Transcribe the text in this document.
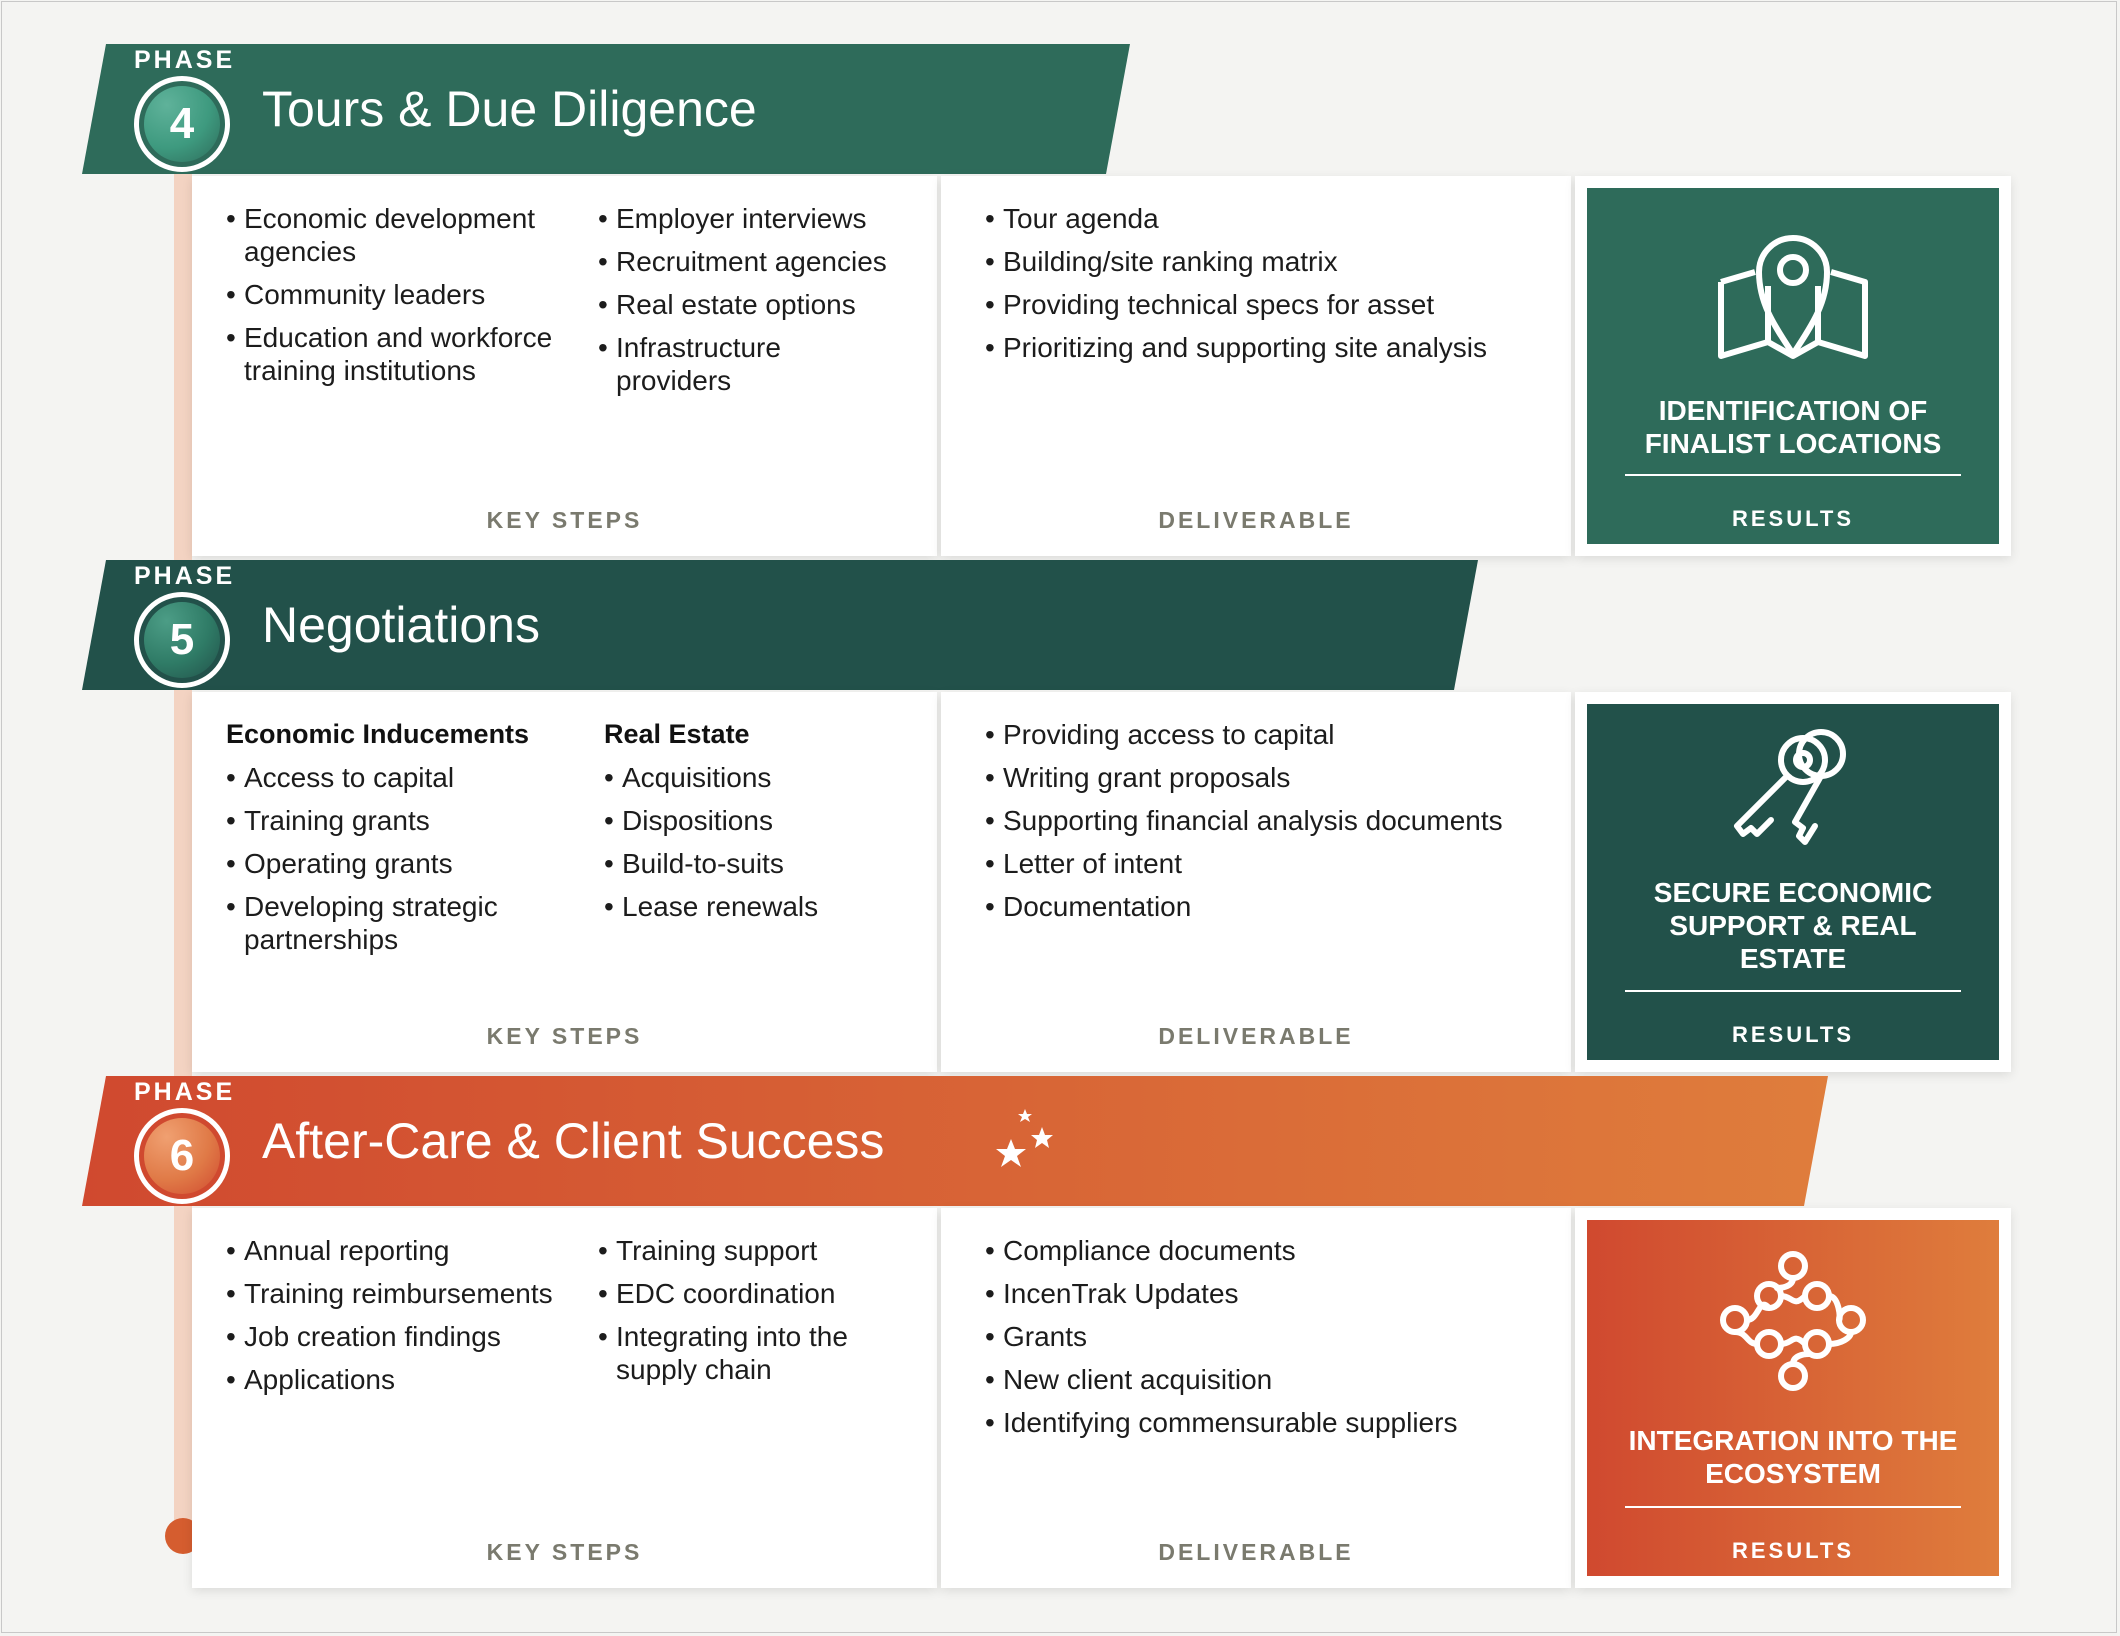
PHASE
4	Tours & Due Diligence
• Economic development agencies
• Community leaders
• Education and workforce training institutions
• Employer interviews
• Recruitment agencies
• Real estate options
• Infrastructure providers
KEY STEPS
• Tour agenda
• Building/site ranking matrix
• Providing technical specs for asset
• Prioritizing and supporting site analysis
DELIVERABLE
IDENTIFICATION OF FINALIST LOCATIONS
RESULTS
PHASE
5	Negotiations
Economic Inducements
• Access to capital
• Training grants
• Operating grants
• Developing strategic partnerships
Real Estate
• Acquisitions
• Dispositions
• Build-to-suits
• Lease renewals
KEY STEPS
• Providing access to capital
• Writing grant proposals
• Supporting financial analysis documents
• Letter of intent
• Documentation
DELIVERABLE
SECURE ECONOMIC SUPPORT & REAL ESTATE
RESULTS
PHASE
6	After-Care & Client Success
• Annual reporting
• Training reimbursements
• Job creation findings
• Applications
• Training support
• EDC coordination
• Integrating into the supply chain
KEY STEPS
• Compliance documents
• IncenTrak Updates
• Grants
• New client acquisition
• Identifying commensurable suppliers
DELIVERABLE
INTEGRATION INTO THE ECOSYSTEM
RESULTS
